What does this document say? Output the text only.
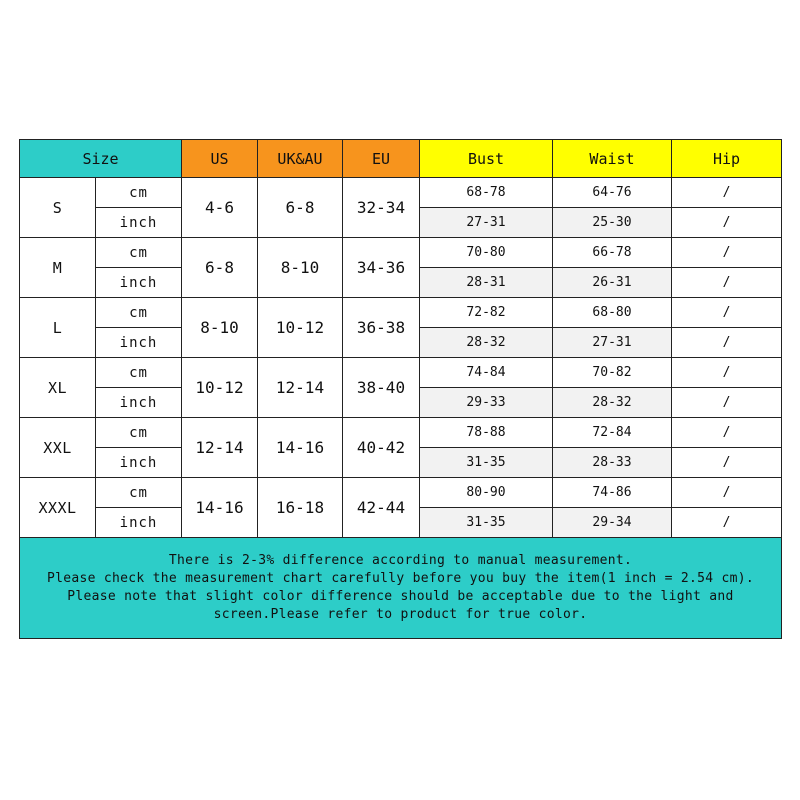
Size		US	UK&AU	EU	Bust	Waist	Hip
S	cm	4-6	6-8	32-34	68-78	64-76	/
	inch				27-31	25-30	/
M	cm	6-8	8-10	34-36	70-80	66-78	/
	inch				28-31	26-31	/
L	cm	8-10	10-12	36-38	72-82	68-80	/
	inch				28-32	27-31	/
XL	cm	10-12	12-14	38-40	74-84	70-82	/
	inch				29-33	28-32	/
XXL	cm	12-14	14-16	40-42	78-88	72-84	/
	inch				31-35	28-33	/
XXXL	cm	14-16	16-18	42-44	80-90	74-86	/
	inch				31-35	29-34	/

There is 2-3% difference according to manual measurement.
Please check the measurement chart carefully before you buy the item(1 inch = 2.54 cm).
Please note that slight color difference should be acceptable due to the light and screen.Please refer to product for true color.							
